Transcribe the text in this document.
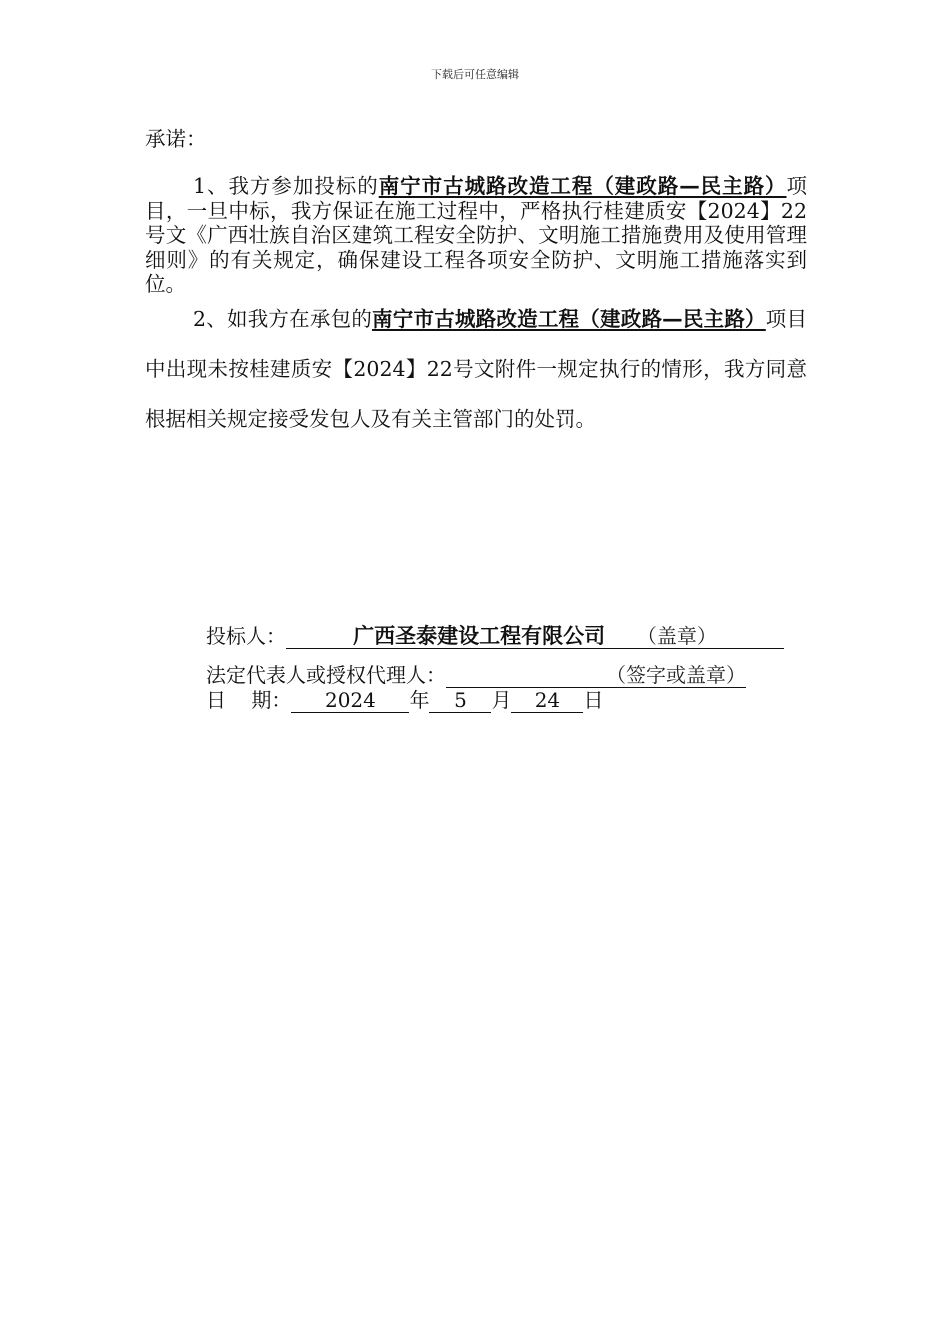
下载后可任意编辑
承诺：
1、我方参加投标的南宁市古城路改造工程（建政路—民主路）项目，一旦中标，我方保证在施工过程中，严格执行桂建质安【2024】22号文《广西壮族自治区建筑工程安全防护、文明施工措施费用及使用管理细则》的有关规定，确保建设工程各项安全防护、文明施工措施落实到位。
2、如我方在承包的南宁市古城路改造工程（建政路—民主路）项目中出现未按桂建质安【2024】22号文附件一规定执行的情形，我方同意根据相关规定接受发包人及有关主管部门的处罚。
投标人：	广西圣泰建设工程有限公司 （盖章）
法定代表人或授权代理人：	（签字或盖章）
日    期： 2024 年 5 月 24 日
